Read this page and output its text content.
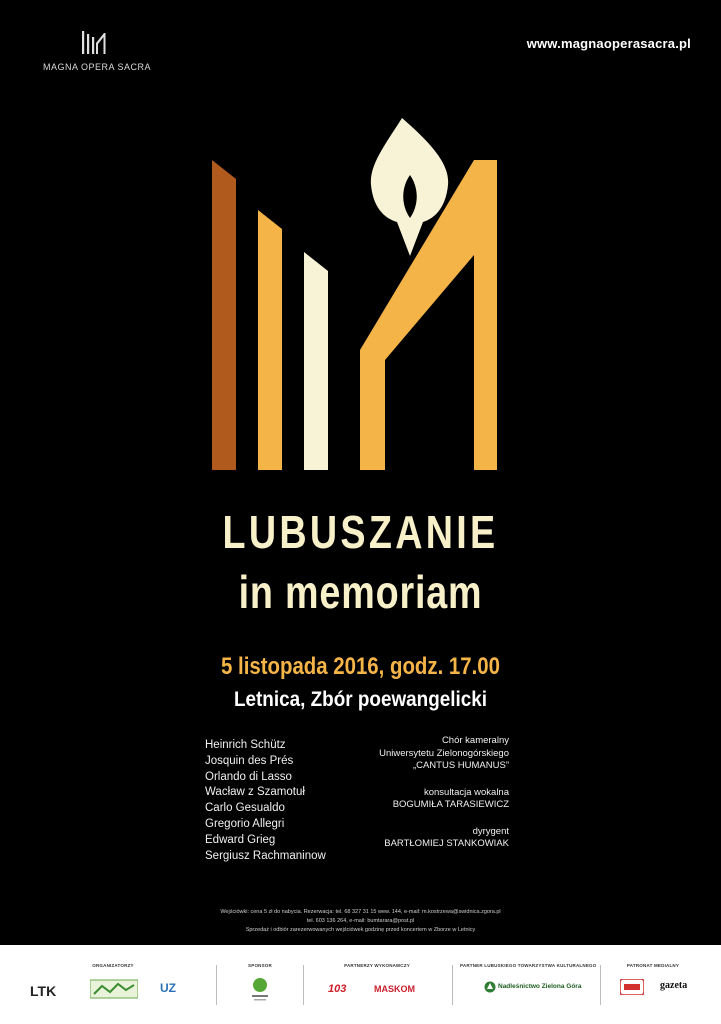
MAGNA OPERA SACRA
www.magnaoperasacra.pl
LUBUSZANIE
in memoriam
5 listopada 2016, godz. 17.00
Letnica, Zbór poewangelicki
Heinrich Schütz
Josquin des Prés
Orlando di Lasso
Wacław z Szamotuł
Carlo Gesualdo
Gregorio Allegri
Edward Grieg
Sergiusz Rachmaninow
Chór kameralny
Uniwersytetu Zielonogórskiego
„CANTUS HUMANUS”
konsultacja wokalna
BOGUMIŁA TARASIEWICZ
dyrygent
BARTŁOMIEJ STANKOWIAK
Wejściówki: cena 5 zł do nabycia. Rezerwacja: tel. 68 327 31 15 wew. 144, e-mail: m.kostrzewa@swidnica.zgora.pl
tel. 603 136 264, e-mail: bumtarara@post.pl
Sprzedaż i odbiór zarezerwowanych wejściówek godzinę przed koncertem w Zborze w Letnicy
ORGANIZATORZY
LTK	UZ
SPONSOR	PARTNERZY WYKONAWCZY
103	MASKOM
PARTNER LUBUSKIEGO TOWARZYSTWA KULTURALNEGO
Nadleśnictwo Zielona Góra
PATRONAT MEDIALNY
gazeta
